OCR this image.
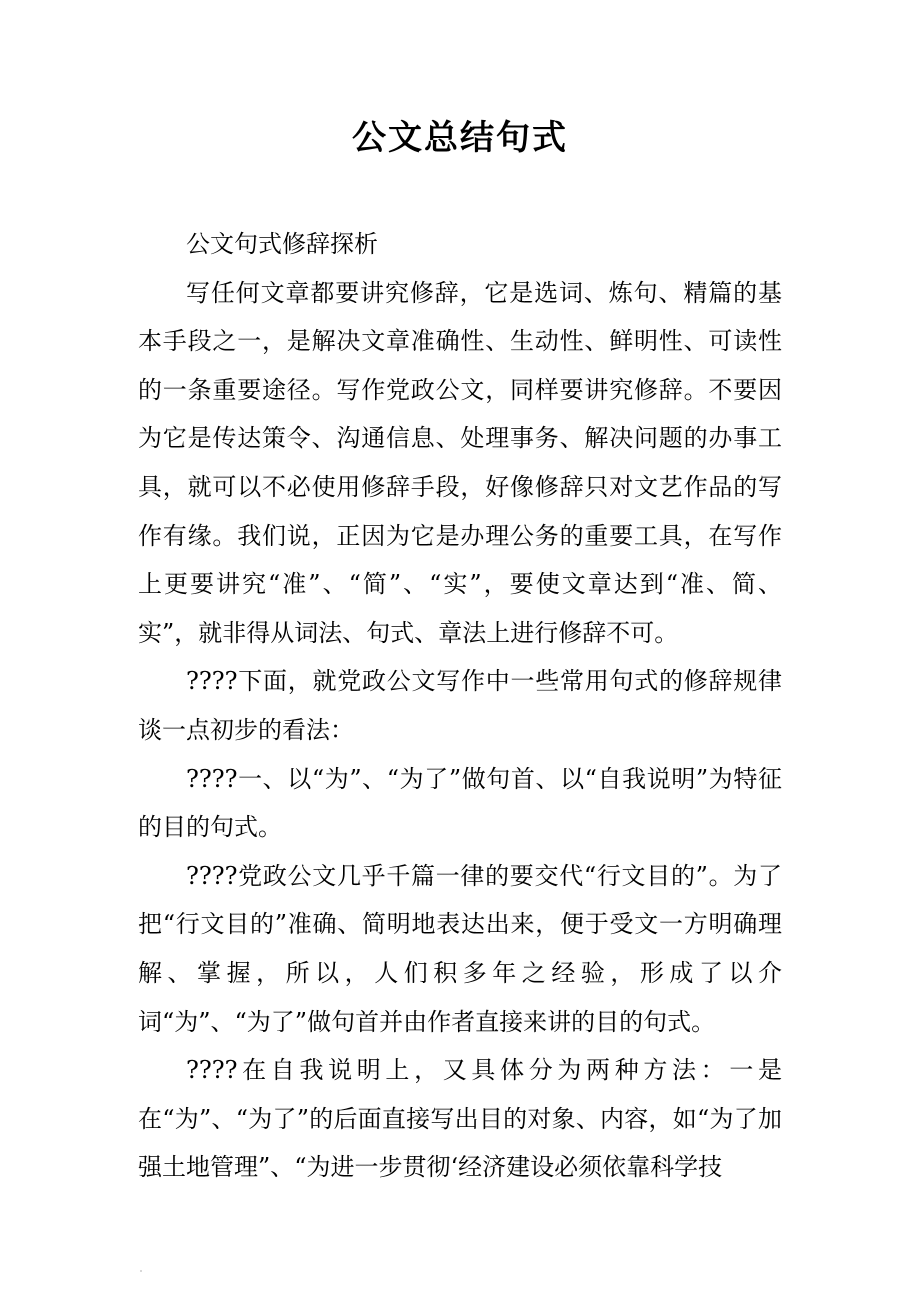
公文总结句式

公文句式修辞探析

写任何文章都要讲究修辞，它是选词、炼句、精篇的基本手段之一，是解决文章准确性、生动性、鲜明性、可读性的一条重要途径。写作党政公文，同样要讲究修辞。不要因为它是传达策令、沟通信息、处理事务、解决问题的办事工具，就可以不必使用修辞手段，好像修辞只对文艺作品的写作有缘。我们说，正因为它是办理公务的重要工具，在写作上更要讲究“准”、“简”、“实”，要使文章达到“准、简、实”，就非得从词法、句式、章法上进行修辞不可。

????下面，就党政公文写作中一些常用句式的修辞规律谈一点初步的看法：

????一、以“为”、“为了”做句首、以“自我说明”为特征的目的句式。

????党政公文几乎千篇一律的要交代“行文目的”。为了把“行文目的”准确、简明地表达出来，便于受文一方明确理解、掌握，所以，人们积多年之经验，形成了以介词“为”、“为了”做句首并由作者直接来讲的目的句式。

????在自我说明上，又具体分为两种方法：一是在“为”、“为了”的后面直接写出目的对象、内容，如“为了加强土地管理”、“为进一步贯彻‘经济建设必须依靠科学技
